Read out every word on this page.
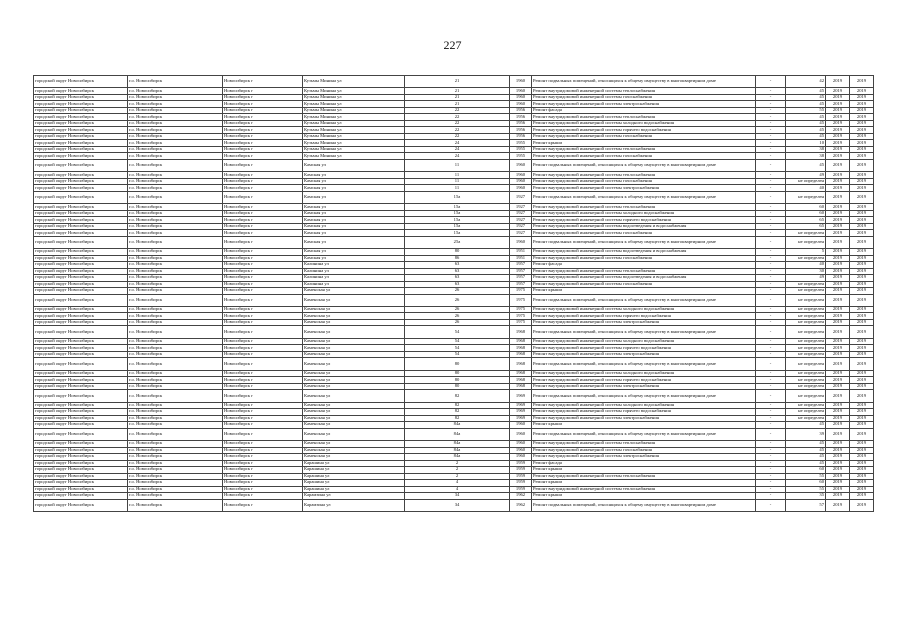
227
городской округ Новосибирск	г.о. Новосибирск	Новосибирск г	Кузьмы Минина ул	21	1960	Ремонт подвальных помещений, относящихся к общему имуществу в многоквартирном доме	-	42	2019	2019
городской округ Новосибирск	г.о. Новосибирск	Новосибирск г	Кузьмы Минина ул	21	1960	Ремонт внутридомовой инженерной системы теплоснабжения	-	45	2019	2019
городской округ Новосибирск	г.о. Новосибирск	Новосибирск г	Кузьмы Минина ул	21	1960	Ремонт внутридомовой инженерной системы газоснабжения	-	45	2019	2019
городской округ Новосибирск	г.о. Новосибирск	Новосибирск г	Кузьмы Минина ул	21	1960	Ремонт внутридомовой инженерной системы электроснабжения	-	45	2019	2019
городской округ Новосибирск	г.о. Новосибирск	Новосибирск г	Кузьмы Минина ул	22	1956	Ремонт фасада	-	55	2019	2019
городской округ Новосибирск	г.о. Новосибирск	Новосибирск г	Кузьмы Минина ул	22	1956	Ремонт внутридомовой инженерной системы теплоснабжения	-	45	2019	2019
городской округ Новосибирск	г.о. Новосибирск	Новосибирск г	Кузьмы Минина ул	22	1956	Ремонт внутридомовой инженерной системы холодного водоснабжения	-	45	2019	2019
городской округ Новосибирск	г.о. Новосибирск	Новосибирск г	Кузьмы Минина ул	22	1956	Ремонт внутридомовой инженерной системы горячего водоснабжения	-	45	2019	2019
городской округ Новосибирск	г.о. Новосибирск	Новосибирск г	Кузьмы Минина ул	22	1956	Ремонт внутридомовой инженерной системы газоснабжения	-	45	2019	2019
городской округ Новосибирск	г.о. Новосибирск	Новосибирск г	Кузьмы Минина ул	24	1955	Ремонт крыши	-	10	2019	2019
городской округ Новосибирск	г.о. Новосибирск	Новосибирск г	Кузьмы Минина ул	24	1955	Ремонт внутридомовой инженерной системы теплоснабжения	-	38	2019	2019
городской округ Новосибирск	г.о. Новосибирск	Новосибирск г	Кузьмы Минина ул	24	1955	Ремонт внутридомовой инженерной системы газоснабжения	-	38	2019	2019
городской округ Новосибирск	г.о. Новосибирск	Новосибирск г	Камская ул	11	1960	Ремонт подвальных помещений, относящихся к общему имуществу в многоквартирном доме	-	45	2019	2019
городской округ Новосибирск	г.о. Новосибирск	Новосибирск г	Камская ул	11	1960	Ремонт внутридомовой инженерной системы теплоснабжения	-	49	2019	2019
городской округ Новосибирск	г.о. Новосибирск	Новосибирск г	Камская ул	11	1960	Ремонт внутридомовой инженерной системы газоснабжения	-	не определен	2019	2019
городской округ Новосибирск	г.о. Новосибирск	Новосибирск г	Камская ул	11	1960	Ремонт внутридомовой инженерной системы электроснабжения	-	40	2019	2019
городской округ Новосибирск	г.о. Новосибирск	Новосибирск г	Камская ул	15а	1927	Ремонт подвальных помещений, относящихся к общему имуществу в многоквартирном доме	-	не определен	2019	2019
городской округ Новосибирск	г.о. Новосибирск	Новосибирск г	Камская ул	15а	1927	Ремонт внутридомовой инженерной системы теплоснабжения	-	60	2019	2019
городской округ Новосибирск	г.о. Новосибирск	Новосибирск г	Камская ул	15а	1927	Ремонт внутридомовой инженерной системы холодного водоснабжения	-	60	2019	2019
городской округ Новосибирск	г.о. Новосибирск	Новосибирск г	Камская ул	15а	1927	Ремонт внутридомовой инженерной системы горячего водоснабжения	-	65	2019	2019
городской округ Новосибирск	г.о. Новосибирск	Новосибирск г	Камская ул	15а	1927	Ремонт внутридомовой инженерной системы водоотведения и водоснабжения	-	65	2019	2019
городской округ Новосибирск	г.о. Новосибирск	Новосибирск г	Камская ул	15а	1927	Ремонт внутридомовой инженерной системы газоснабжения	-	не определен	2019	2019
городской округ Новосибирск	г.о. Новосибирск	Новосибирск г	Камская ул	25а	1960	Ремонт подвальных помещений, относящихся к общему имуществу в многоквартирном доме	-	не определен	2019	2019
городской округ Новосибирск	г.о. Новосибирск	Новосибирск г	Камская ул	80	1951	Ремонт внутридомовой инженерной системы водоотведения и водоснабжения	-	5	2019	2019
городской округ Новосибирск	г.о. Новосибирск	Новосибирск г	Камская ул	86	1951	Ремонт внутридомовой инженерной системы газоснабжения	-	не определен	2019	2019
городской округ Новосибирск	г.о. Новосибирск	Новосибирск г	Калинина ул	63	1957	Ремонт фасада	-	40	2019	2019
городской округ Новосибирск	г.о. Новосибирск	Новосибирск г	Калинина ул	63	1957	Ремонт внутридомовой инженерной системы теплоснабжения	-	30	2019	2019
городской округ Новосибирск	г.о. Новосибирск	Новосибирск г	Калинина ул	63	1957	Ремонт внутридомовой инженерной системы водоотведения и водоснабжения	-	49	2019	2019
городской округ Новосибирск	г.о. Новосибирск	Новосибирск г	Калинина ул	63	1957	Ремонт внутридомовой инженерной системы газоснабжения	-	не определен	2019	2019
городской округ Новосибирск	г.о. Новосибирск	Новосибирск г	Каменская ул	26	1975	Ремонт крыши	-	не определен	2019	2019
городской округ Новосибирск	г.о. Новосибирск	Новосибирск г	Каменская ул	26	1975	Ремонт подвальных помещений, относящихся к общему имуществу в многоквартирном доме	-	не определен	2019	2019
городской округ Новосибирск	г.о. Новосибирск	Новосибирск г	Каменская ул	26	1975	Ремонт внутридомовой инженерной системы холодного водоснабжения	-	не определен	2019	2019
городской округ Новосибирск	г.о. Новосибирск	Новосибирск г	Каменская ул	26	1975	Ремонт внутридомовой инженерной системы горячего водоснабжения	-	не определен	2019	2019
городской округ Новосибирск	г.о. Новосибирск	Новосибирск г	Каменская ул	26	1975	Ремонт внутридомовой инженерной системы электроснабжения	-	не определен	2019	2019
городской округ Новосибирск	г.о. Новосибирск	Новосибирск г	Каменская ул	54	1968	Ремонт подвальных помещений, относящихся к общему имуществу в многоквартирном доме	-	не определен	2019	2019
городской округ Новосибирск	г.о. Новосибирск	Новосибирск г	Каменская ул	54	1968	Ремонт внутридомовой инженерной системы холодного водоснабжения	-	не определен	2019	2019
городской округ Новосибирск	г.о. Новосибирск	Новосибирск г	Каменская ул	54	1968	Ремонт внутридомовой инженерной системы горячего водоснабжения	-	не определен	2019	2019
городской округ Новосибирск	г.о. Новосибирск	Новосибирск г	Каменская ул	54	1968	Ремонт внутридомовой инженерной системы электроснабжения	-	не определен	2019	2019
городской округ Новосибирск	г.о. Новосибирск	Новосибирск г	Каменская ул	80	1968	Ремонт подвальных помещений, относящихся к общему имуществу в многоквартирном доме	-	не определен	2019	2019
городской округ Новосибирск	г.о. Новосибирск	Новосибирск г	Каменская ул	80	1968	Ремонт внутридомовой инженерной системы холодного водоснабжения	-	не определен	2019	2019
городской округ Новосибирск	г.о. Новосибирск	Новосибирск г	Каменская ул	80	1968	Ремонт внутридомовой инженерной системы горячего водоснабжения	-	не определен	2019	2019
городской округ Новосибирск	г.о. Новосибирск	Новосибирск г	Каменская ул	80	1968	Ремонт внутридомовой инженерной системы электроснабжения	-	не определен	2019	2019
городской округ Новосибирск	г.о. Новосибирск	Новосибирск г	Каменская ул	82	1969	Ремонт подвальных помещений, относящихся к общему имуществу в многоквартирном доме	-	не определен	2019	2019
городской округ Новосибирск	г.о. Новосибирск	Новосибирск г	Каменская ул	82	1969	Ремонт внутридомовой инженерной системы холодного водоснабжения	-	не определен	2019	2019
городской округ Новосибирск	г.о. Новосибирск	Новосибирск г	Каменская ул	82	1969	Ремонт внутридомовой инженерной системы горячего водоснабжения	-	не определен	2019	2019
городской округ Новосибирск	г.о. Новосибирск	Новосибирск г	Каменская ул	82	1969	Ремонт внутридомовой инженерной системы электроснабжения	-	не определен	2019	2019
городской округ Новосибирск	г.о. Новосибирск	Новосибирск г	Каменская ул	84а	1960	Ремонт крыши	-	45	2019	2019
городской округ Новосибирск	г.о. Новосибирск	Новосибирск г	Каменская ул	84а	1960	Ремонт подвальных помещений, относящихся к общему имуществу в многоквартирном доме	-	39	2019	2019
городской округ Новосибирск	г.о. Новосибирск	Новосибирск г	Каменская ул	84а	1960	Ремонт внутридомовой инженерной системы теплоснабжения	-	45	2019	2019
городской округ Новосибирск	г.о. Новосибирск	Новосибирск г	Каменская ул	84а	1960	Ремонт внутридомовой инженерной системы газоснабжения	-	45	2019	2019
городской округ Новосибирск	г.о. Новосибирск	Новосибирск г	Каменская ул	84а	1960	Ремонт внутридомовой инженерной системы электроснабжения	-	45	2019	2019
городской округ Новосибирск	г.о. Новосибирск	Новосибирск г	Карашина ул	2	1959	Ремонт фасада	-	45	2019	2019
городской округ Новосибирск	г.о. Новосибирск	Новосибирск г	Карашина ул	2	1959	Ремонт крыши	-	60	2019	2019
городской округ Новосибирск	г.о. Новосибирск	Новосибирск г	Карашина ул	2	1959	Ремонт внутридомовой инженерной системы теплоснабжения	-	55	2019	2019
городской округ Новосибирск	г.о. Новосибирск	Новосибирск г	Карашина ул	4	1959	Ремонт крыши	-	60	2019	2019
городской округ Новосибирск	г.о. Новосибирск	Новосибирск г	Карашина ул	4	1959	Ремонт внутридомовой инженерной системы теплоснабжения	-	55	2019	2019
городской округ Новосибирск	г.о. Новосибирск	Новосибирск г	Карамзина ул	34	1962	Ремонт крыши	-	35	2019	2019
городской округ Новосибирск	г.о. Новосибирск	Новосибирск г	Карамзина ул	34	1962	Ремонт подвальных помещений, относящихся к общему имуществу в многоквартирном доме	-	57	2019	2019
